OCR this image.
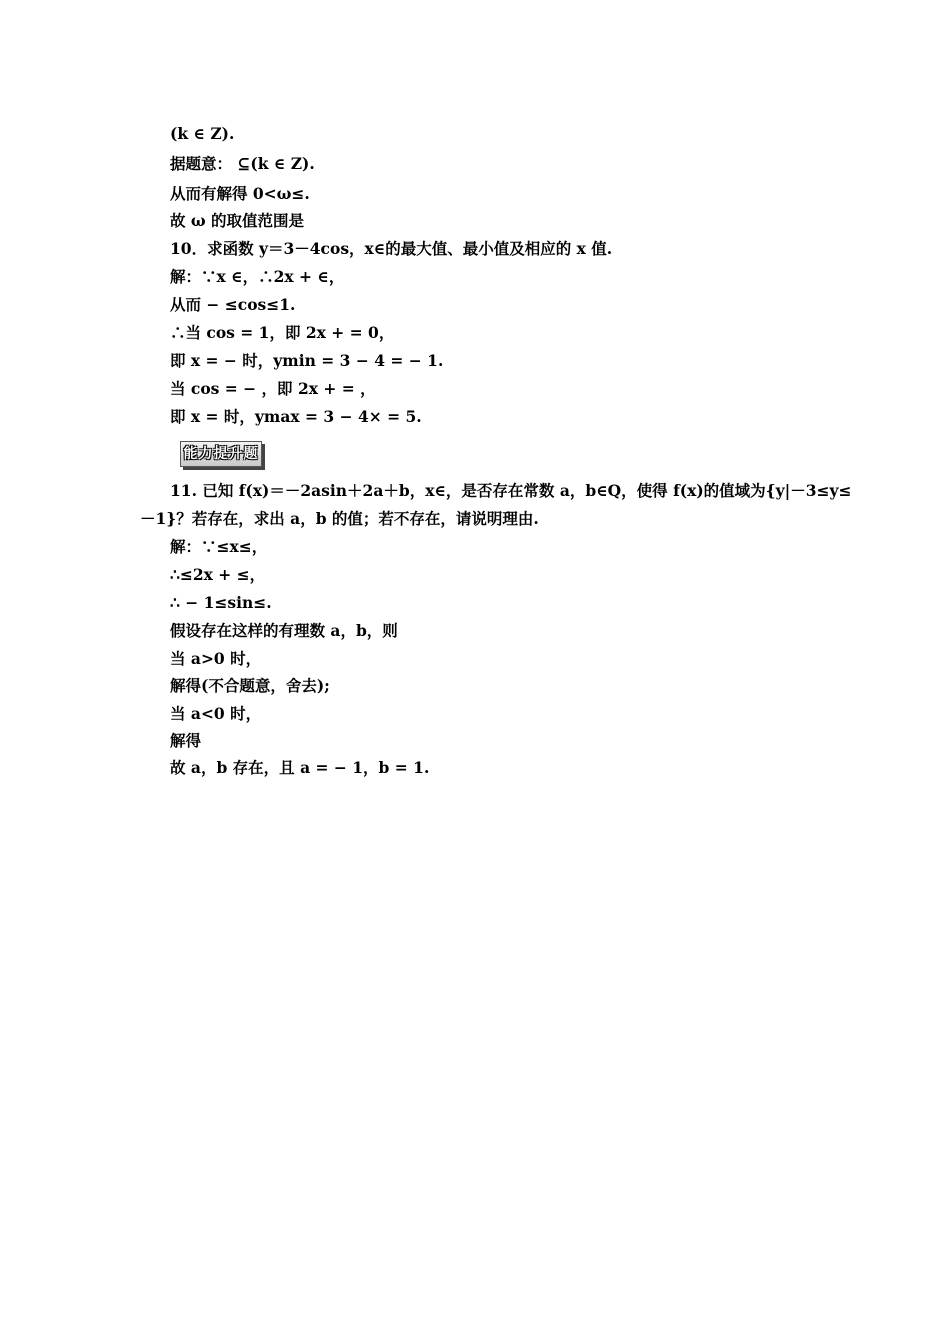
(k ∈ Z).
据题意： ⊆(k ∈ Z).
从而有解得 0<ω≤.
故 ω 的取值范围是
10．求函数 y＝3－4cos，x∈的最大值、最小值及相应的 x 值.
解：∵x ∈，∴2x + ∈，
从而 − ≤cos≤1.
∴当 cos = 1，即 2x + = 0，
即 x = − 时，ymin = 3 − 4 = − 1.
当 cos = − ，即 2x + = ，
即 x = 时，ymax = 3 − 4× = 5.
能力提升题
11. 已知 f(x)＝－2asin＋2a＋b，x∈，是否存在常数 a，b∈Q，使得 f(x)的值域为{y|－3≤y≤
－1}？若存在，求出 a，b 的值；若不存在，请说明理由.
解：∵≤x≤，
∴≤2x + ≤，
∴ − 1≤sin≤.
假设存在这样的有理数 a，b，则
当 a>0 时，
解得(不合题意，舍去);
当 a<0 时，
解得
故 a，b 存在，且 a = − 1，b = 1.
